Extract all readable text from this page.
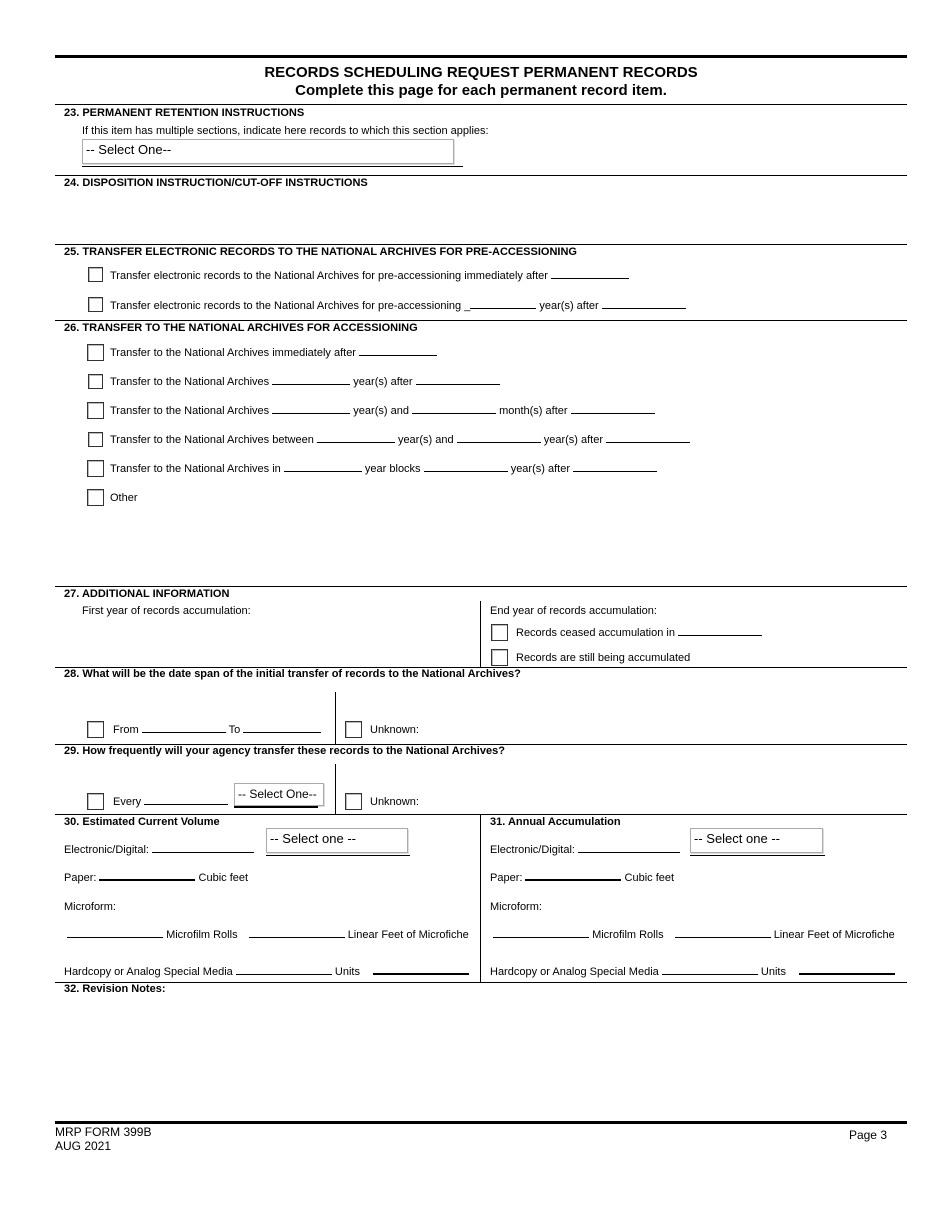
RECORDS SCHEDULING REQUEST PERMANENT RECORDS
Complete this page for each permanent record item.
23. PERMANENT RETENTION INSTRUCTIONS
If this item has multiple sections, indicate here records to which this section applies:
-- Select One--
24. DISPOSITION INSTRUCTION/CUT-OFF INSTRUCTIONS
25. TRANSFER ELECTRONIC RECORDS TO THE NATIONAL ARCHIVES FOR PRE-ACCESSIONING
Transfer electronic records to the National Archives for pre-accessioning immediately after
Transfer electronic records to the National Archives for pre-accessioning _	year(s) after
26. TRANSFER TO THE NATIONAL ARCHIVES FOR ACCESSIONING
Transfer to the National Archives immediately after
Transfer to the National Archives	year(s) after
Transfer to the National Archives	year(s) and	month(s) after
Transfer to the National Archives between	year(s) and	year(s) after
Transfer to the National Archives in	year blocks	year(s) after
Other
27. ADDITIONAL INFORMATION
First year of records accumulation:	End year of records accumulation:
Records ceased accumulation in
Records are still being accumulated
28. What will be the date span of the initial transfer of records to the National Archives?
From	To	Unknown:
29. How frequently will your agency transfer these records to the National Archives?
Every
-- Select One--
Unknown:
30. Estimated Current Volume
Electronic/Digital:
-- Select one --
Paper:	Cubic feet
Microform:
Microfilm Rolls	Linear Feet of Microfiche
Hardcopy or Analog Special Media	Units
31. Annual Accumulation
Electronic/Digital:
-- Select one --
Paper:	Cubic feet
Microform:
Microfilm Rolls	Linear Feet of Microfiche
Hardcopy or Analog Special Media	Units
32. Revision Notes:
MRP FORM 399B
AUG 2021
Page 3
